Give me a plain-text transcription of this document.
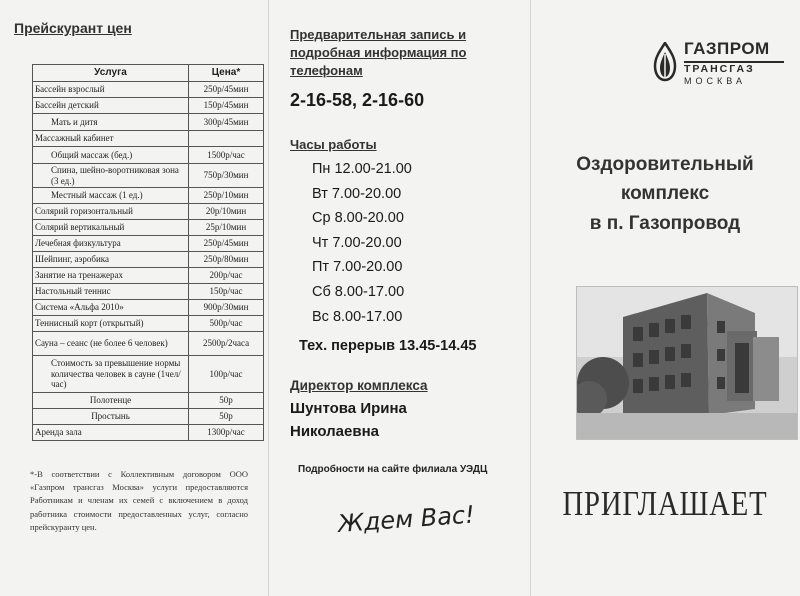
Прейскурант цен
Услуга	Цена*
Бассейн взрослый	250р/45мин
Бассейн детский	150р/45мин
Мать и дитя	300р/45мин
Массажный кабинет	
Общий массаж (бед.)	1500р/час
Спина, шейно-воротниковая зона (3 ед.)	750р/30мин
Местный массаж (1 ед.)	250р/10мин
Солярий горизонтальный	20р/10мин
Солярий вертикальный	25р/10мин
Лечебная физкультура	250р/45мин
Шейпинг, аэробика	250р/80мин
Занятие на тренажерах	200р/час
Настольный теннис	150р/час
Система «Альфа 2010»	900р/30мин
Теннисный корт (открытый)	500р/час
Сауна – сеанс (не более 6 человек)	2500р/2часа
Стоимость за превышение нормы количества человек в сауне (1чел/час)	100р/час
Полотенце	50р
Простынь	50р
Аренда зала	1300р/час
*-В соответствии с Коллективным договором ООО «Газпром трансгаз Москва» услуги предоставляются Работникам и членам их семей с включением в доход работника стоимости предоставленных услуг, согласно прейскуранту цен.
Предварительная запись и подробная информация по телефонам
2-16-58, 2-16-60
Часы работы
Пн 12.00-21.00
Вт 7.00-20.00
Ср 8.00-20.00
Чт 7.00-20.00
Пт 7.00-20.00
Сб 8.00-17.00
Вс 8.00-17.00
Тех. перерыв 13.45-14.45
Директор комплекса
Шунтова Ирина
Николаевна
Подробности на сайте филиала УЭДЦ
Ждем Вас!
ГАЗПРОМ
ТРАНСГАЗ
МОСКВА
Оздоровительный
комплекс
в п. Газопровод
ПРИГЛАШАЕТ
